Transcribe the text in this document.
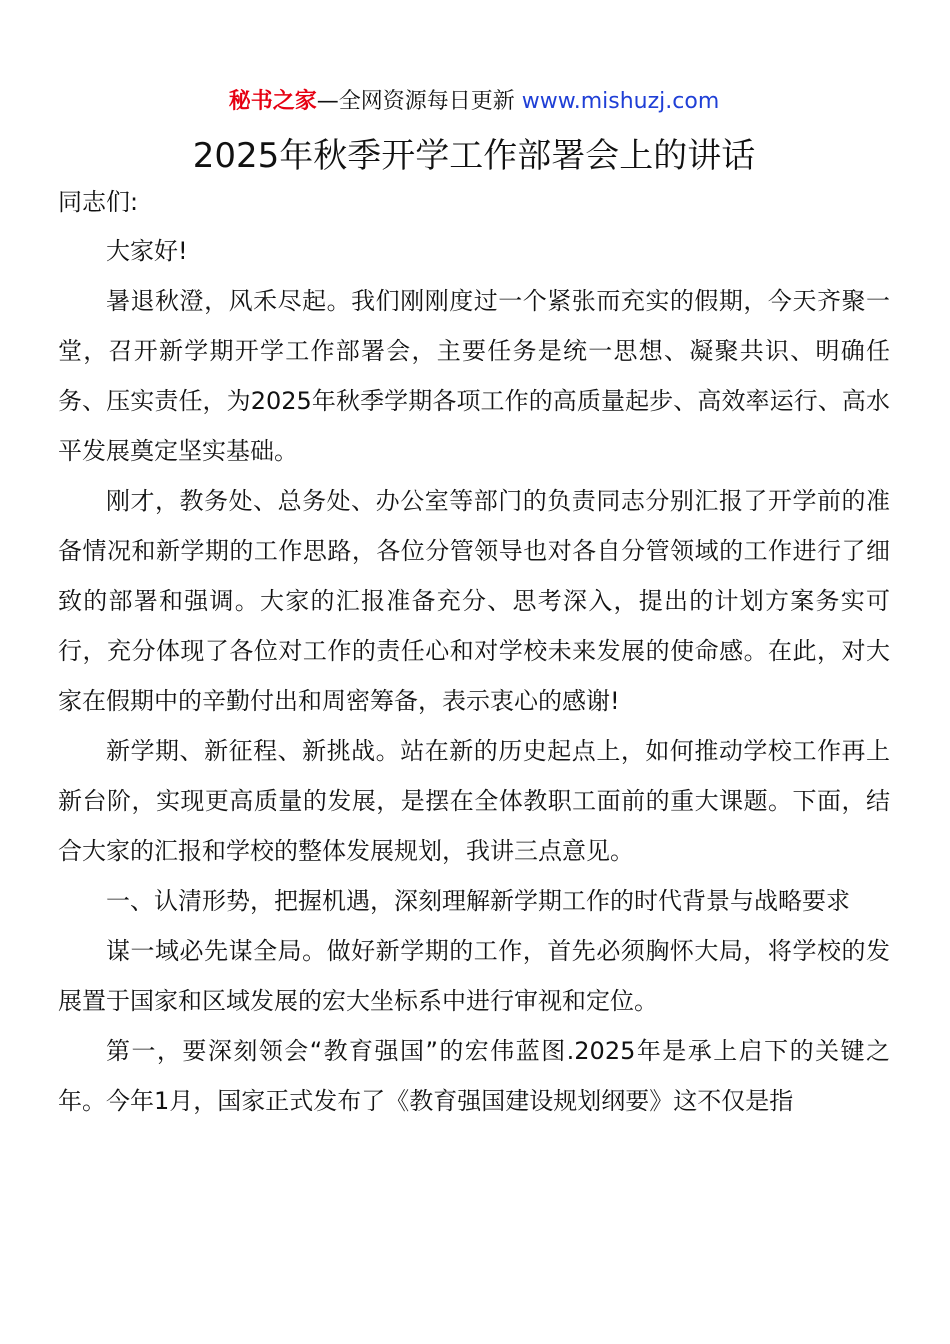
秘书之家—全网资源每日更新 www.mishuzj.com
2025年秋季开学工作部署会上的讲话
同志们:

大家好!

暑退秋澄，风禾尽起。我们刚刚度过一个紧张而充实的假期，今天齐聚一堂，召开新学期开学工作部署会，主要任务是统一思想、凝聚共识、明确任务、压实责任，为2025年秋季学期各项工作的高质量起步、高效率运行、高水平发展奠定坚实基础。

刚才，教务处、总务处、办公室等部门的负责同志分别汇报了开学前的准备情况和新学期的工作思路，各位分管领导也对各自分管领域的工作进行了细致的部署和强调。大家的汇报准备充分、思考深入，提出的计划方案务实可行，充分体现了各位对工作的责任心和对学校未来发展的使命感。在此，对大家在假期中的辛勤付出和周密筹备，表示衷心的感谢!

新学期、新征程、新挑战。站在新的历史起点上，如何推动学校工作再上新台阶，实现更高质量的发展，是摆在全体教职工面前的重大课题。下面，结合大家的汇报和学校的整体发展规划，我讲三点意见。

一、认清形势，把握机遇，深刻理解新学期工作的时代背景与战略要求

谋一域必先谋全局。做好新学期的工作，首先必须胸怀大局，将学校的发展置于国家和区域发展的宏大坐标系中进行审视和定位。

第一，要深刻领会“教育强国”的宏伟蓝图.2025年是承上启下的关键之年。今年1月，国家正式发布了《教育强国建设规划纲要》这不仅是指
